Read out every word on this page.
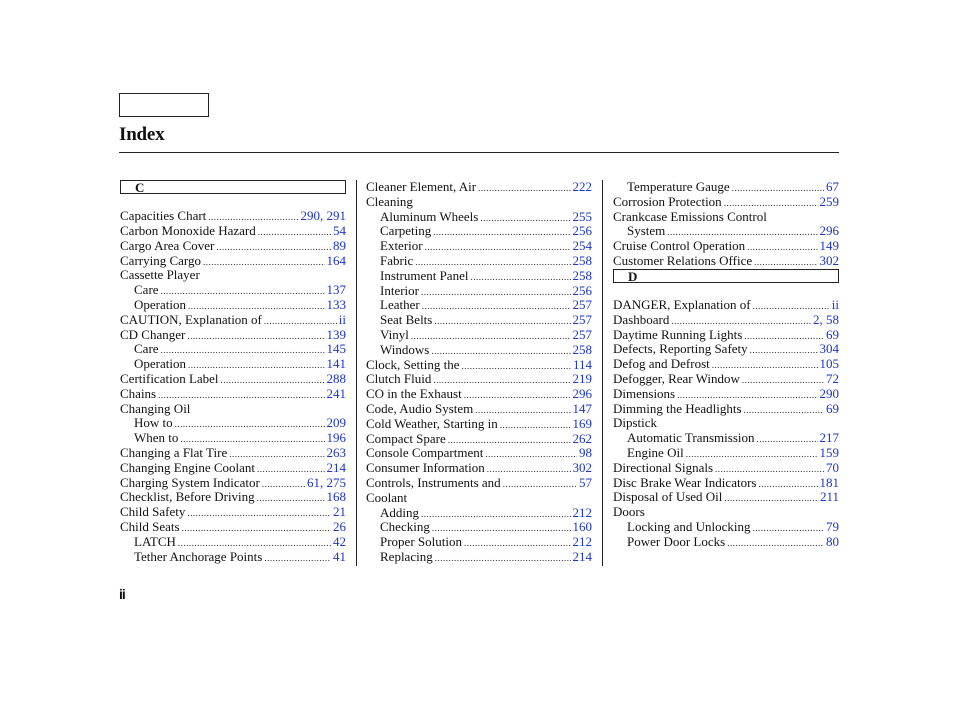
Index
C
Capacities Chart .....	290, 291
Carbon Monoxide Hazard .....	54
Cargo Area Cover .....	89
Carrying Cargo .....	164
Cassette Player
Care .....	137
Operation .....	133
CAUTION, Explanation of .....	ii
CD Changer .....	139
Care .....	145
Operation .....	141
Certification Label .....	288
Chains .....	241
Changing Oil
How to .....	209
When to .....	196
Changing a Flat Tire .....	263
Changing Engine Coolant .....	214
Charging System Indicator .....	61, 275
Checklist, Before Driving .....	168
Child Safety .....	21
Child Seats .....	26
LATCH .....	42
Tether Anchorage Points .....	41
Cleaner Element, Air .....	222
Cleaning
Aluminum Wheels .....	255
Carpeting .....	256
Exterior .....	254
Fabric .....	258
Instrument Panel .....	258
Interior .....	256
Leather .....	257
Seat Belts .....	257
Vinyl .....	257
Windows .....	258
Clock, Setting the .....	114
Clutch Fluid .....	219
CO in the Exhaust .....	296
Code, Audio System .....	147
Cold Weather, Starting in .....	169
Compact Spare .....	262
Console Compartment .....	98
Consumer Information .....	302
Controls, Instruments and .....	57
Coolant
Adding .....	212
Checking .....	160
Proper Solution .....	212
Replacing .....	214
Temperature Gauge .....	67
Corrosion Protection .....	259
Crankcase Emissions Control
System .....	296
Cruise Control Operation .....	149
Customer Relations Office .....	302
D
DANGER, Explanation of .....	ii
Dashboard .....	2, 58
Daytime Running Lights .....	69
Defects, Reporting Safety .....	304
Defog and Defrost .....	105
Defogger, Rear Window .....	72
Dimensions .....	290
Dimming the Headlights .....	69
Dipstick
Automatic Transmission .....	217
Engine Oil .....	159
Directional Signals .....	70
Disc Brake Wear Indicators .....	181
Disposal of Used Oil .....	211
Doors
Locking and Unlocking .....	79
Power Door Locks .....	80
ii
